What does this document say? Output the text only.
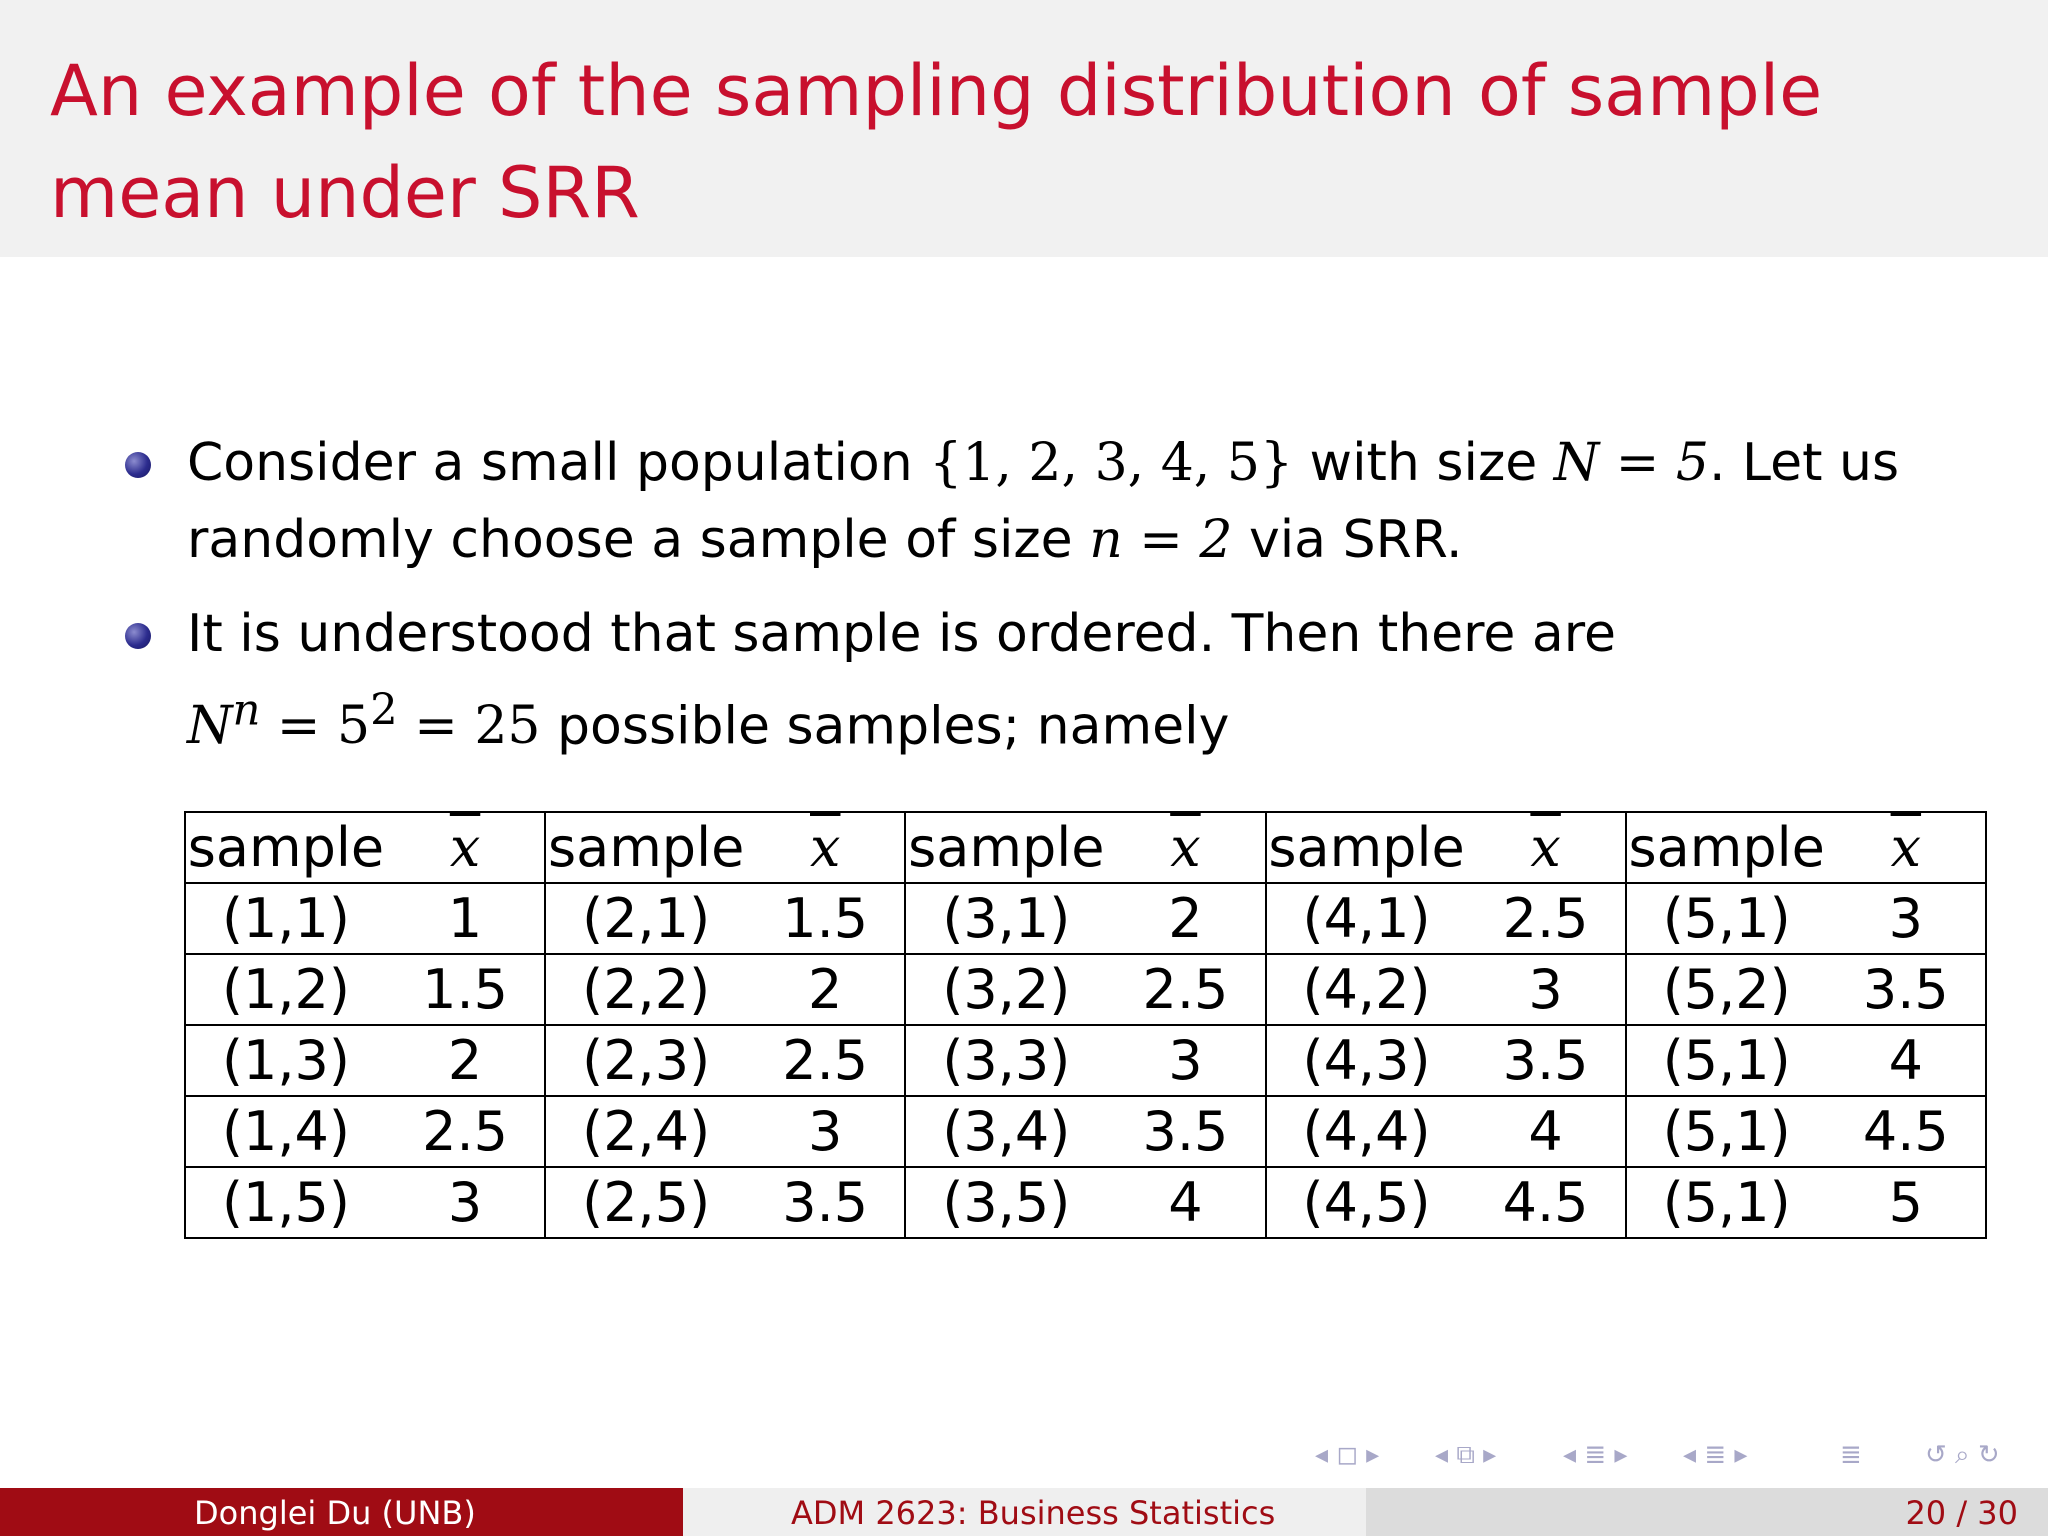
An example of the sampling distribution of sample mean under SRR
Consider a small population {1, 2, 3, 4, 5} with size N = 5. Let us
randomly choose a sample of size n = 2 via SRR.
It is understood that sample is ordered. Then there are
$N^n = 5^2 = 25$ possible samples; namely
sample	$\overline{x}$	sample	$\overline{x}$	sample	$\overline{x}$	sample	$\overline{x}$	sample	$\overline{x}$
(1,1)	1	(2,1)	1.5	(3,1)	2	(4,1)	2.5	(5,1)	3
(1,2)	1.5	(2,2)	2	(3,2)	2.5	(4,2)	3	(5,2)	3.5
(1,3)	2	(2,3)	2.5	(3,3)	3	(4,3)	3.5	(5,1)	4
(1,4)	2.5	(2,4)	3	(3,4)	3.5	(4,4)	4	(5,1)	4.5
(1,5)	3	(2,5)	3.5	(3,5)	4	(4,5)	4.5	(5,1)	5
◂ ◻ ▸ ◂ ⧉ ▸	◂ ≣ ▸ ◂ ≣ ▸	≣ ↺ ⌕ ↻
Donglei Du (UNB)	ADM 2623: Business Statistics	20 / 30
